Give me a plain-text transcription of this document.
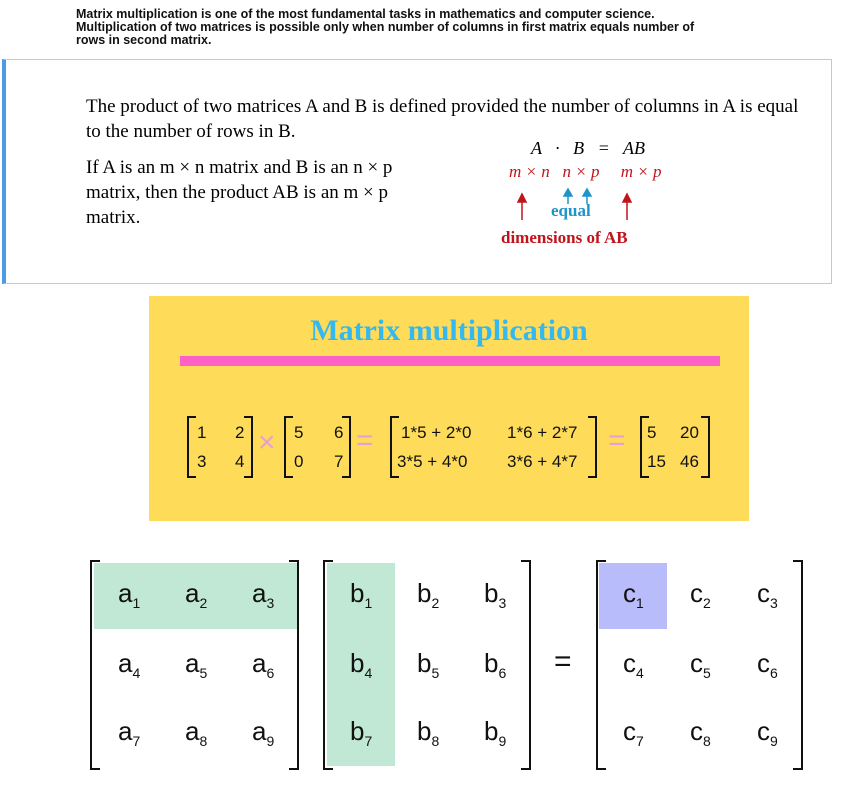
Matrix multiplication is one of the most fundamental tasks in mathematics and computer science.

Multiplication of two matrices is possible only when number of columns in first matrix equals number of

rows in second matrix.

The product of two matrices A and B is defined provided the number of columns in A is equal to the number of rows in B.
If A is an m × n matrix and B is an n × p matrix, then the product AB is an m × p matrix.
A   ·   B   =   AB
m × n   n × p     m × p
equal
dimensions of AB
Matrix multiplication
1 2
3 4
× 5 6
0 7
= 1*5 + 2*0 1*6 + 2*7
3*5 + 4*0 3*6 + 4*7
= 5 20
15 46
$a_1$ $a_2$ $a_3$
$a_4$ $a_5$ $a_6$
$a_7$ $a_8$ $a_9$
$b_1$ $b_2$ $b_3$
$b_4$ $b_5$ $b_6$
$b_7$ $b_8$ $b_9$
$c_1$ $c_2$ $c_3$
$c_4$ $c_5$ $c_6$
$c_7$ $c_8$ $c_9$
=
